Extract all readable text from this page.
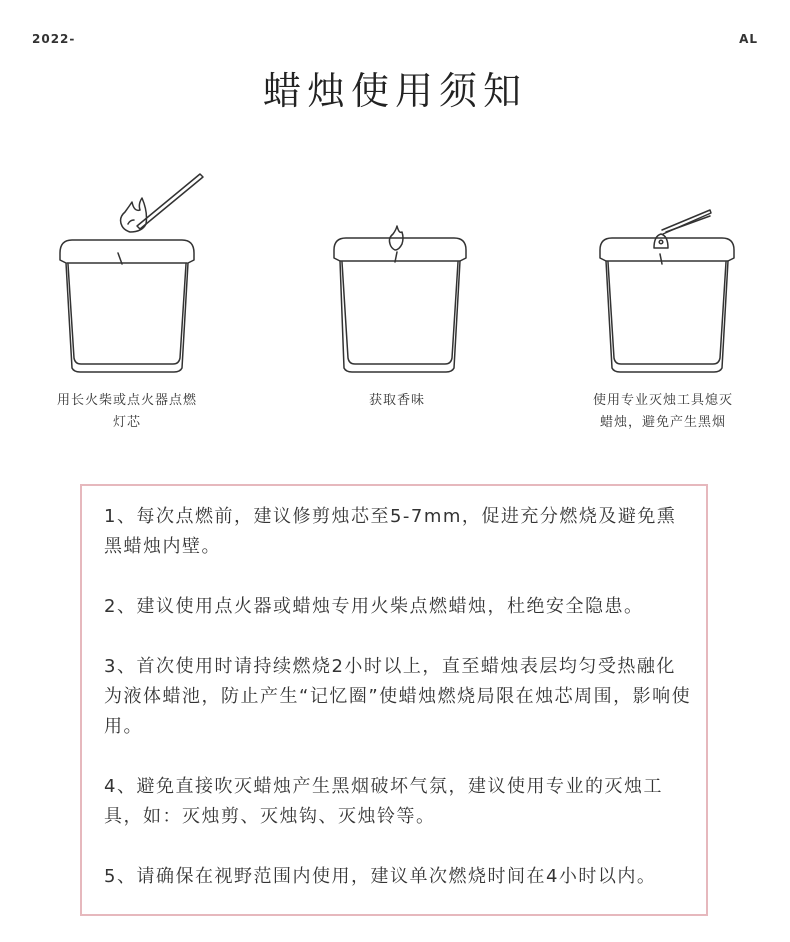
2022-	AL
蜡烛使用须知
用长火柴或点火器点燃灯芯
获取香味	使用专业灭烛工具熄灭蜡烛，避免产生黑烟

1、每次点燃前，建议修剪烛芯至5-7mm，促进充分燃烧及避免熏黑蜡烛内壁。

2、建议使用点火器或蜡烛专用火柴点燃蜡烛，杜绝安全隐患。

3、首次使用时请持续燃烧2小时以上，直至蜡烛表层均匀受热融化为液体蜡池，防止产生“记忆圈”使蜡烛燃烧局限在烛芯周围，影响使用。

4、避免直接吹灭蜡烛产生黑烟破坏气氛，建议使用专业的灭烛工具，如：灭烛剪、灭烛钩、灭烛铃等。

5、请确保在视野范围内使用，建议单次燃烧时间在4小时以内。
